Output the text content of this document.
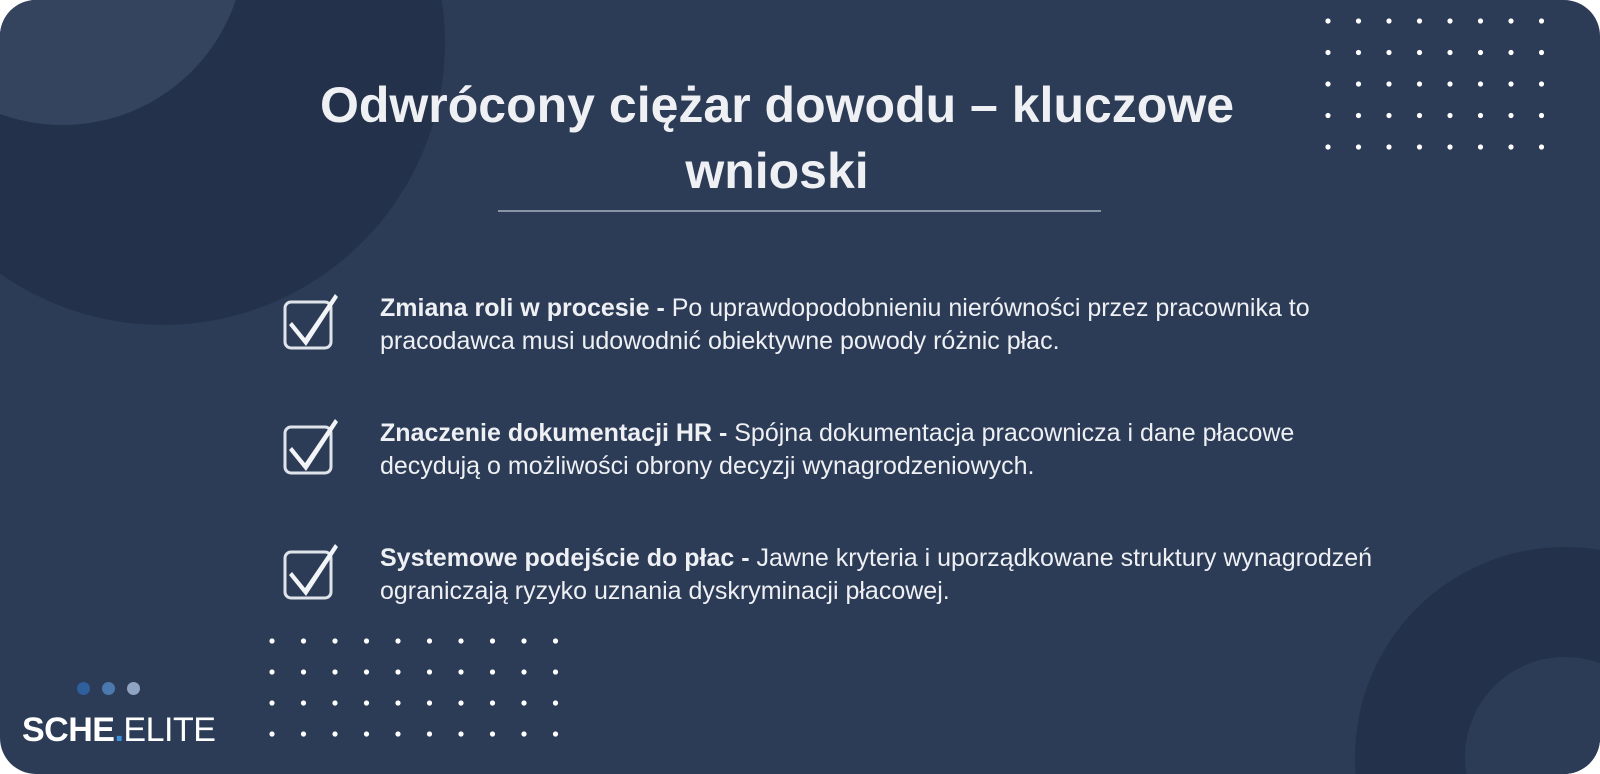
Odwrócony ciężar dowodu – kluczowe wnioski
Zmiana roli w procesie - Po uprawdopodobnieniu nierówności przez pracownika to pracodawca musi udowodnić obiektywne powody różnic płac.
Znaczenie dokumentacji HR - Spójna dokumentacja pracownicza i dane płacowe decydują o możliwości obrony decyzji wynagrodzeniowych.
Systemowe podejście do płac - Jawne kryteria i uporządkowane struktury wynagrodzeń ograniczają ryzyko uznania dyskryminacji płacowej.
SCHE.ELITE
